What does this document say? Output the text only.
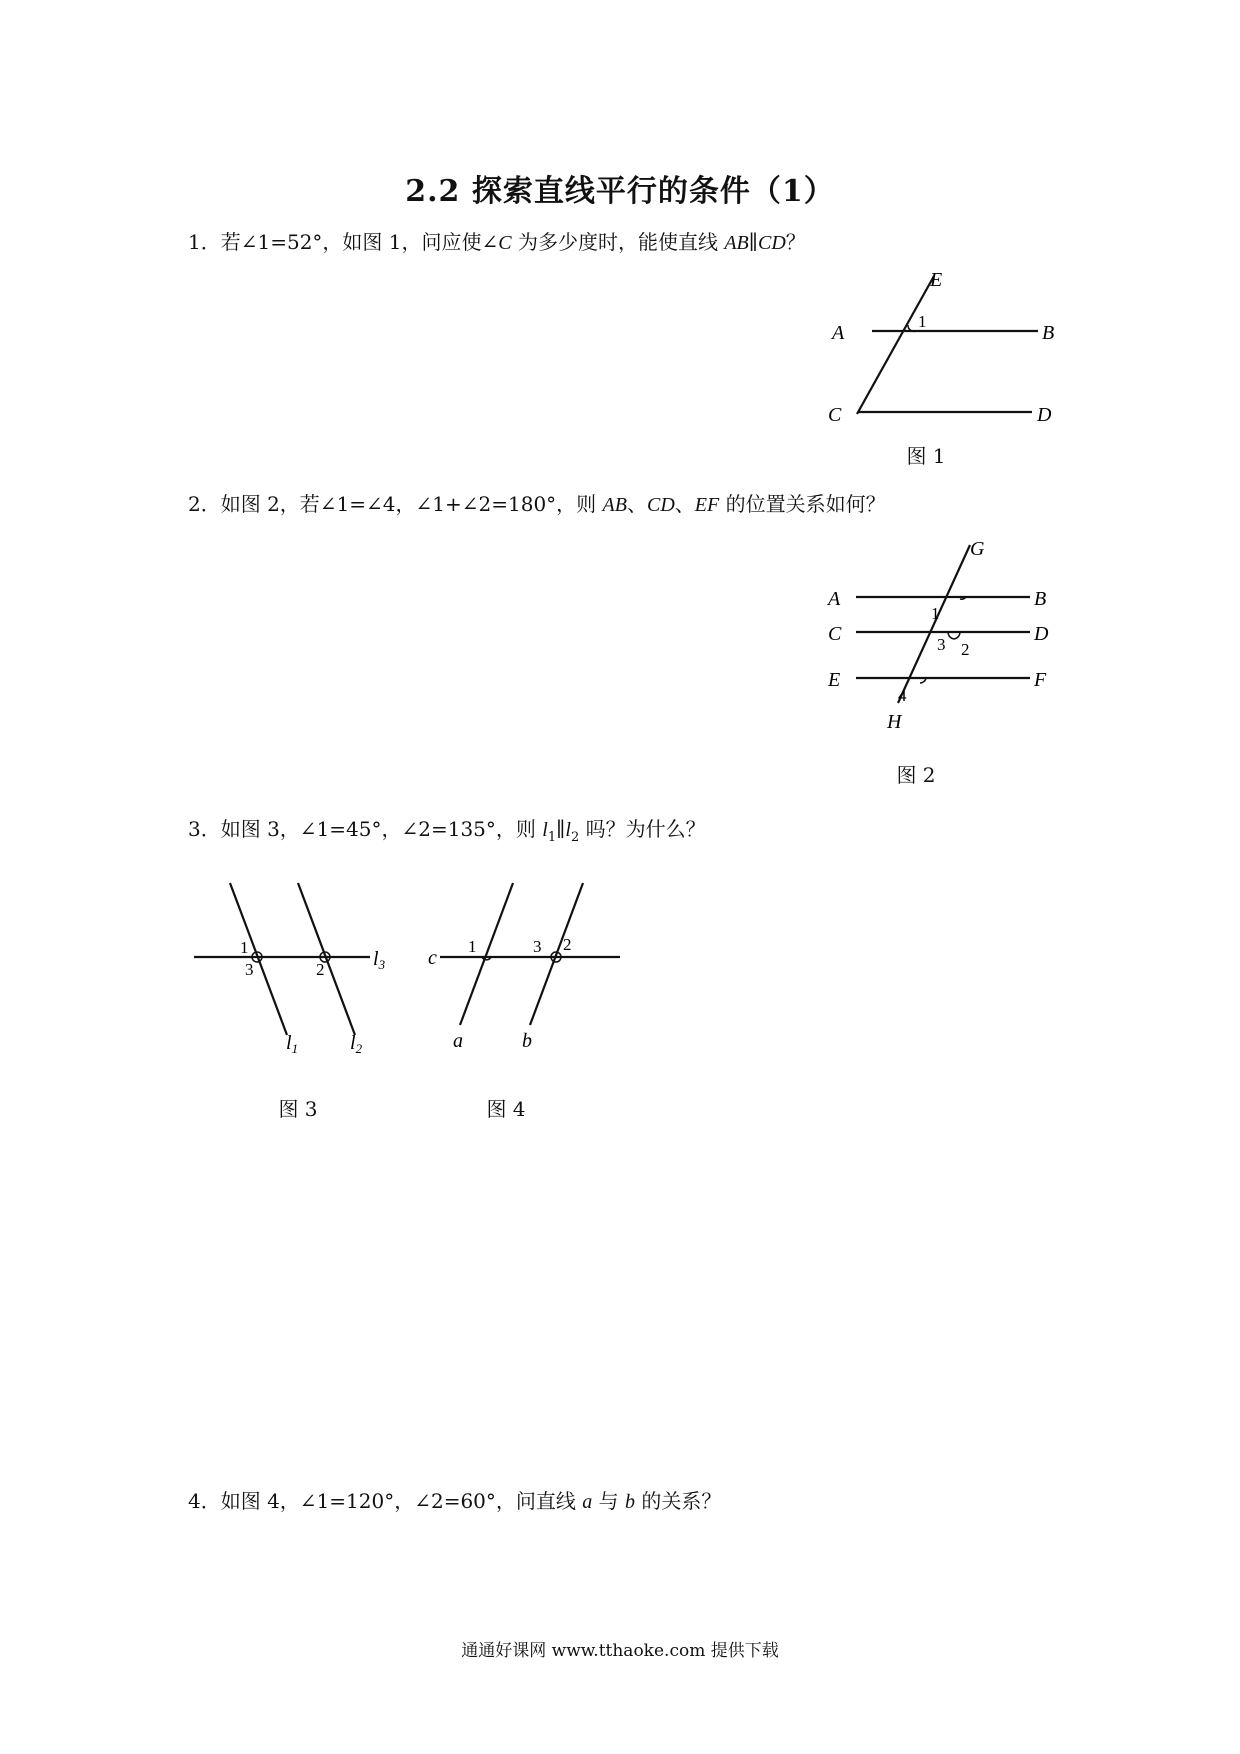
2.2 探索直线平行的条件（1）
1．若∠1=52°，如图 1，问应使∠C 为多少度时，能使直线 AB∥CD？
A	B
C	D
E
1
图 1
2．如图 2，若∠1=∠4，∠1+∠2=180°，则 AB、CD、EF 的位置关系如何？
A	B
C	D
E	F
G
H
1
2
3
4
图 2
3．如图 3，∠1=45°，∠2=135°，则 $l_1\parallel l_2$ 吗？为什么？
1
3	2 $l_3$
$l_1$	$l_2$
图 3
c
1	3 2
a	b
图 4
4．如图 4，∠1=120°，∠2=60°，问直线 a 与 b 的关系？
通通好课网 www.tthaoke.com 提供下载
